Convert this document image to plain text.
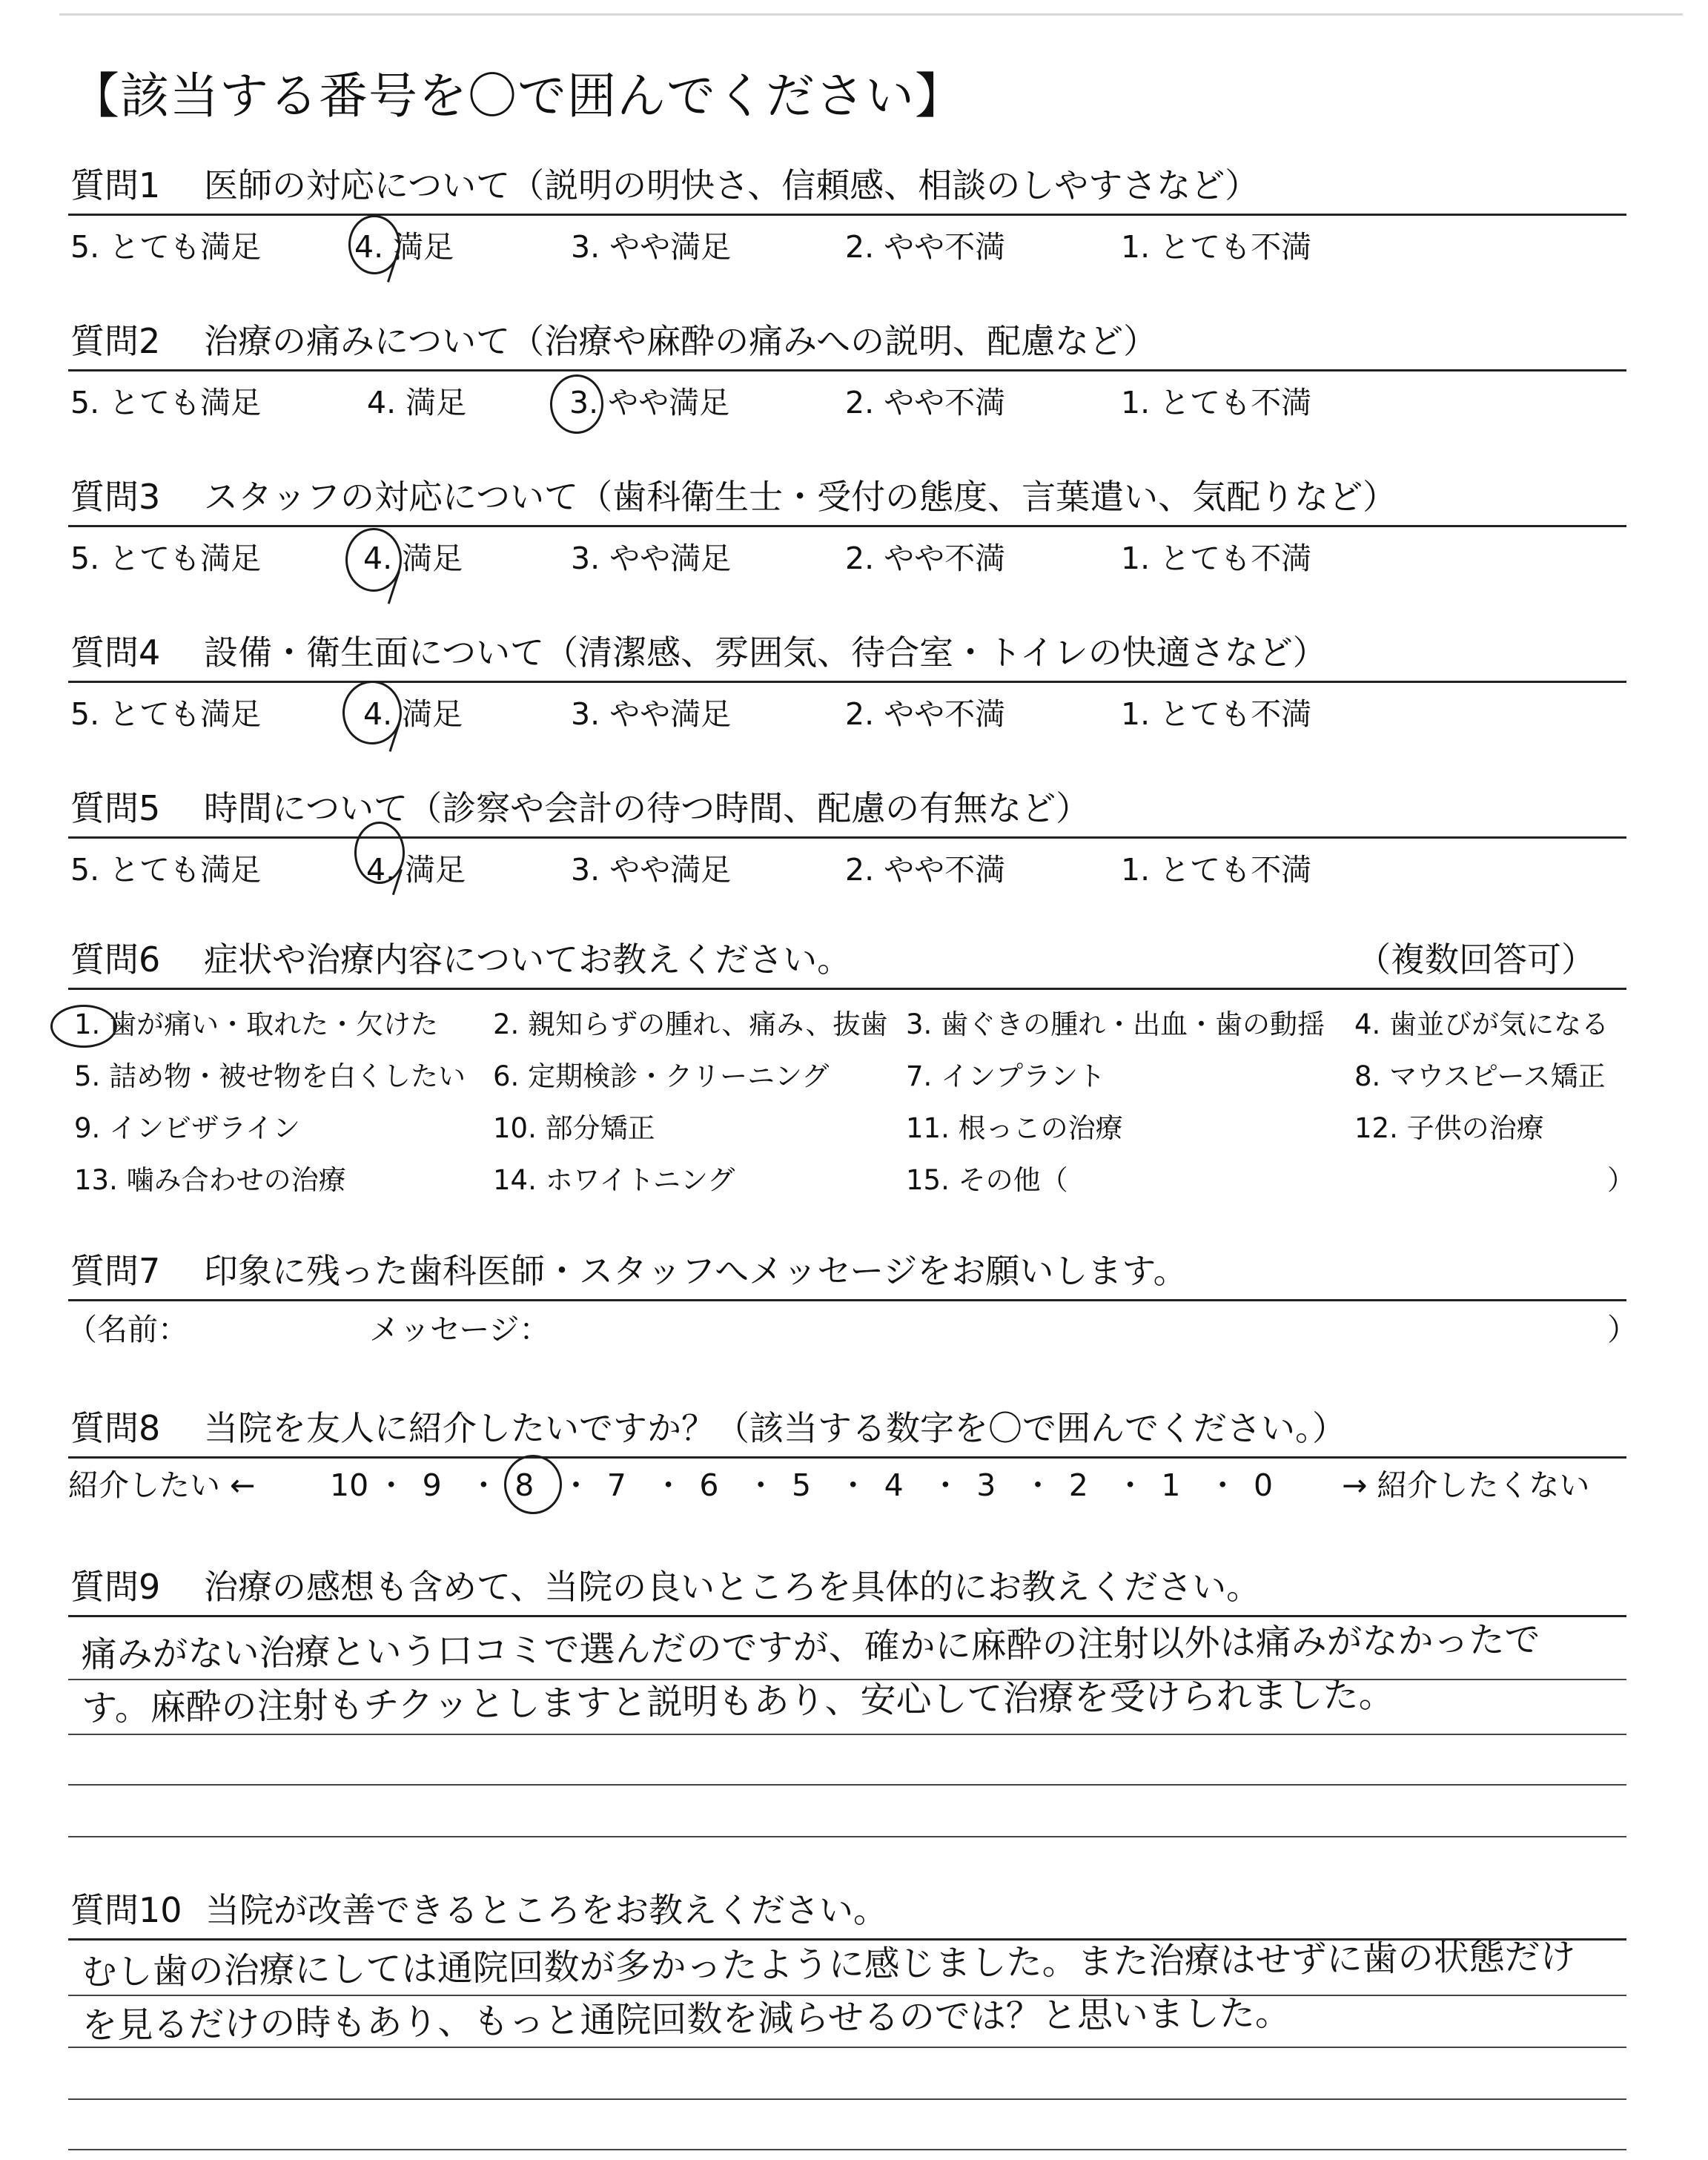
【該当する番号を〇で囲んでください】
質問1 医師の対応について（説明の明快さ、信頼感、相談のしやすさなど）
5. とても満足	4. 満足	3. やや満足	2. やや不満	1. とても不満
質問2 治療の痛みについて（治療や麻酔の痛みへの説明、配慮など）
5. とても満足	4. 満足	3. やや満足	2. やや不満	1. とても不満
質問3 スタッフの対応について（歯科衛生士・受付の態度、言葉遣い、気配りなど）
5. とても満足	4. 満足	3. やや満足	2. やや不満	1. とても不満
質問4 設備・衛生面について（清潔感、雰囲気、待合室・トイレの快適さなど）
5. とても満足	4. 満足	3. やや満足	2. やや不満	1. とても不満
質問5 時間について（診察や会計の待つ時間、配慮の有無など）
5. とても満足	4. 満足	3. やや満足	2. やや不満	1. とても不満
質問6 症状や治療内容についてお教えください。	（複数回答可）
1. 歯が痛い・取れた・欠けた 2. 親知らずの腫れ、痛み、抜歯 3. 歯ぐきの腫れ・出血・歯の動揺 4. 歯並びが気になる
5. 詰め物・被せ物を白くしたい 6. 定期検診・クリーニング	7. インプラント	8. マウスピース矯正
9. インビザライン	10. 部分矯正	11. 根っこの治療	12. 子供の治療
13. 噛み合わせの治療	14. ホワイトニング	15. その他（	）
質問7 印象に残った歯科医師・スタッフへメッセージをお願いします。
（名前：	メッセージ：	）
質問8 当院を友人に紹介したいですか？（該当する数字を〇で囲んでください。）
紹介したい ←	→ 紹介したくない
10 ・ 9 ・ 8 ・ 7 ・ 6 ・ 5 ・ 4 ・ 3 ・ 2 ・ 1 ・ 0
質問9 治療の感想も含めて、当院の良いところを具体的にお教えください。
痛みがない治療という口コミで選んだのですが、確かに麻酔の注射以外は痛みがなかったです。麻酔の注射もチクッとしますと説明もあり、安心して治療を受けられました。
質問10 当院が改善できるところをお教えください。
むし歯の治療にしては通院回数が多かったように感じました。また治療はせずに歯の状態だけを見るだけの時もあり、もっと通院回数を減らせるのでは？と思いました。
